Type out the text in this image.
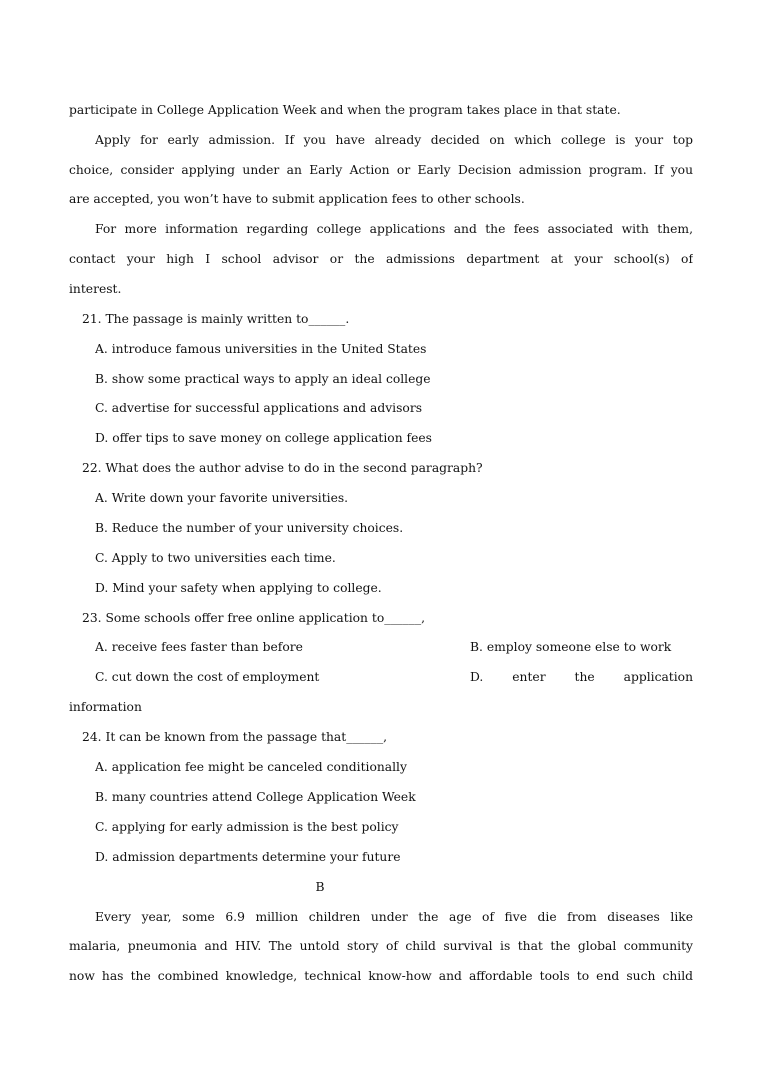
participate in College Application Week and when the program takes place in that state.
Apply for early admission. If you have already decided on which college is your top
choice, consider applying under an Early Action or Early Decision admission program. If you
are accepted, you won’t have to submit application fees to other schools.
For more information regarding college applications and the fees associated with them,
contact your high I school advisor or the admissions department at your school(s) of
interest.
21. The passage is mainly written to______.
A. introduce famous universities in the United States
B. show some practical ways to apply an ideal college
C. advertise for successful applications and advisors
D. offer tips to save money on college application fees
22. What does the author advise to do in the second paragraph?
A. Write down your favorite universities.
B. Reduce the number of your university choices.
C. Apply to two universities each time.
D. Mind your safety when applying to college.
23. Some schools offer free online application to______,
A. receive fees faster than before	B. employ someone else to work
C. cut down the cost of employment	D. enter the application
information
24. It can be known from the passage that______,
A. application fee might be canceled conditionally
B. many countries attend College Application Week
C. applying for early admission is the best policy
D. admission departments determine your future
B
Every year, some 6.9 million children under the age of five die from diseases like
malaria, pneumonia and HIV. The untold story of child survival is that the global community
now has the combined knowledge, technical know-how and affordable tools to end such child
